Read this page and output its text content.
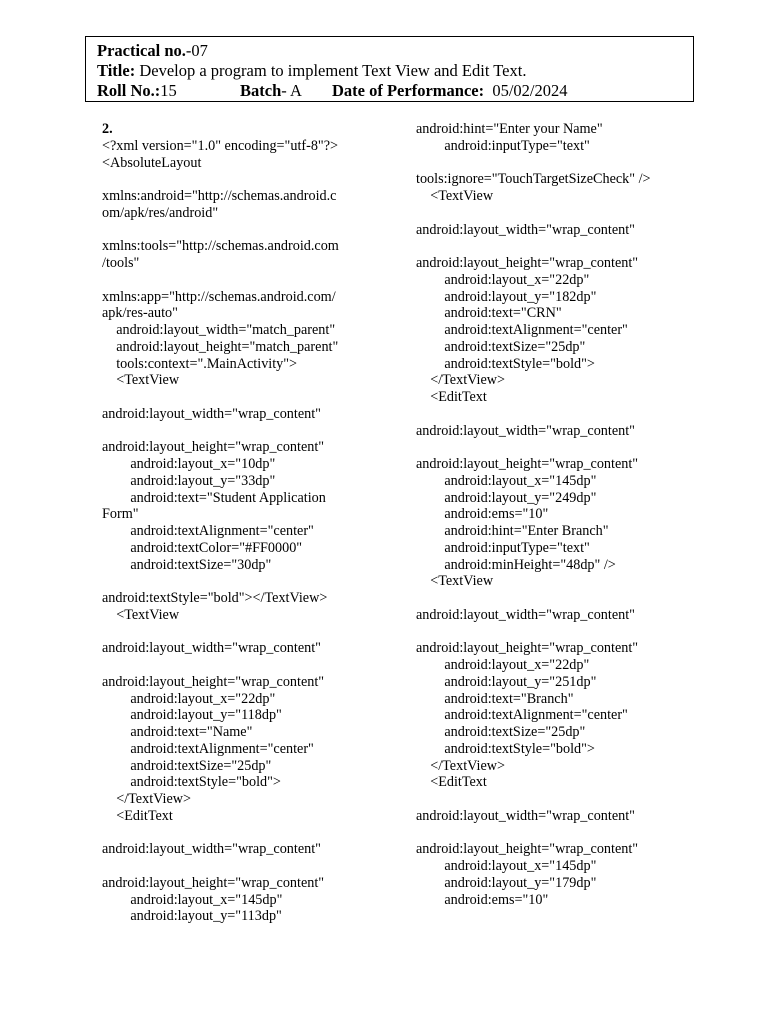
Practical no.-07
Title: Develop a program to implement Text View and Edit Text.
Roll No.:15	Batch- A Date of Performance: 05/02/2024
2.
<?xml version="1.0" encoding="utf-8"?>
<AbsoluteLayout
xmlns:android="http://schemas.android.c
om/apk/res/android"
xmlns:tools="http://schemas.android.com
/tools"
xmlns:app="http://schemas.android.com/
apk/res-auto"
android:layout_width="match_parent"
android:layout_height="match_parent"
tools:context=".MainActivity">
<TextView
android:layout_width="wrap_content"
android:layout_height="wrap_content"
android:layout_x="10dp"
android:layout_y="33dp"
android:text="Student Application
Form"
android:textAlignment="center"
android:textColor="#FF0000"
android:textSize="30dp"
android:textStyle="bold"></TextView>
<TextView
android:layout_width="wrap_content"
android:layout_height="wrap_content"
android:layout_x="22dp"
android:layout_y="118dp"
android:text="Name"
android:textAlignment="center"
android:textSize="25dp"
android:textStyle="bold">
</TextView>
<EditText
android:layout_width="wrap_content"
android:layout_height="wrap_content"
android:layout_x="145dp"
android:layout_y="113dp"
android:hint="Enter your Name"
android:inputType="text"
tools:ignore="TouchTargetSizeCheck" />
<TextView
android:layout_width="wrap_content"
android:layout_height="wrap_content"
android:layout_x="22dp"
android:layout_y="182dp"
android:text="CRN"
android:textAlignment="center"
android:textSize="25dp"
android:textStyle="bold">
</TextView>
<EditText
android:layout_width="wrap_content"
android:layout_height="wrap_content"
android:layout_x="145dp"
android:layout_y="249dp"
android:ems="10"
android:hint="Enter Branch"
android:inputType="text"
android:minHeight="48dp" />
<TextView
android:layout_width="wrap_content"
android:layout_height="wrap_content"
android:layout_x="22dp"
android:layout_y="251dp"
android:text="Branch"
android:textAlignment="center"
android:textSize="25dp"
android:textStyle="bold">
</TextView>
<EditText
android:layout_width="wrap_content"
android:layout_height="wrap_content"
android:layout_x="145dp"
android:layout_y="179dp"
android:ems="10"
